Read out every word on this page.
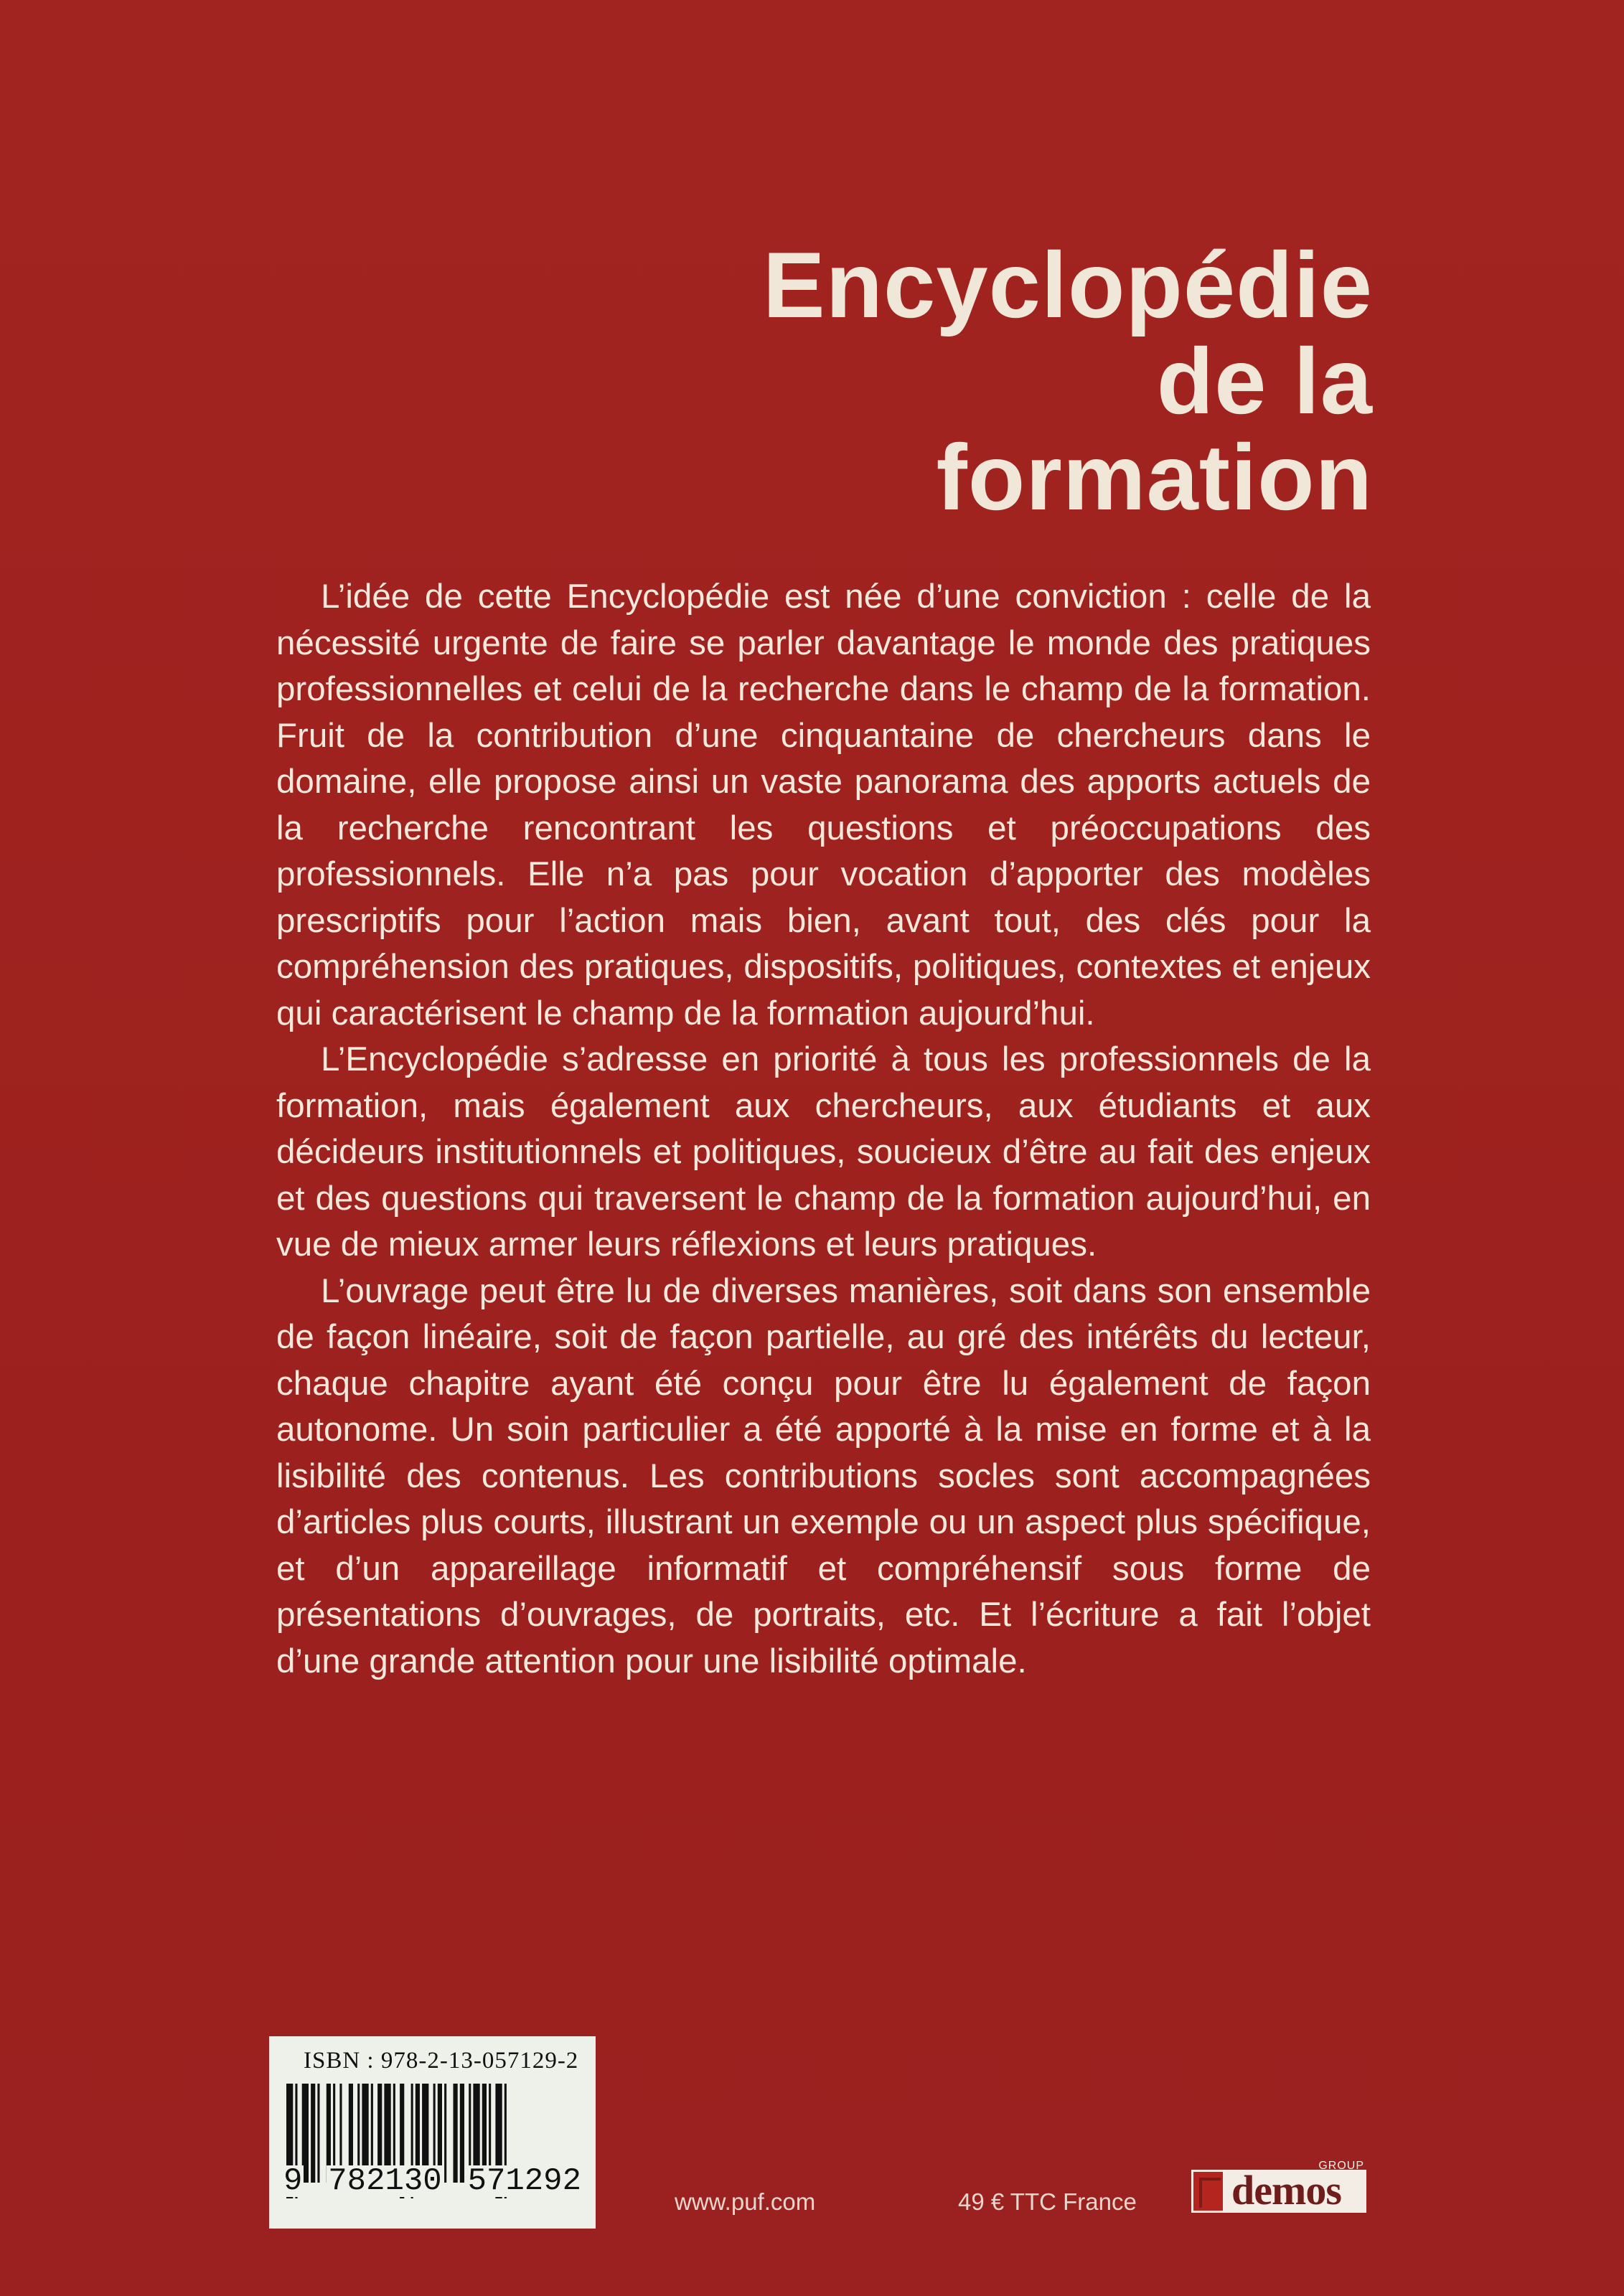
Encyclopédie
de la
formation

L’idée de cette Encyclopédie est née d’une conviction : celle de la nécessité urgente de faire se parler davantage le monde des pratiques professionnelles et celui de la recherche dans le champ de la formation. Fruit de la contribution d’une cinquantaine de chercheurs dans le domaine, elle propose ainsi un vaste panorama des apports actuels de la recherche rencontrant les questions et préoccupations des professionnels. Elle n’a pas pour vocation d’apporter des modèles prescriptifs pour l’action mais bien, avant tout, des clés pour la compréhension des pratiques, dispositifs, politiques, contextes et enjeux qui caractérisent le champ de la formation aujourd’hui.

L’Encyclopédie s’adresse en priorité à tous les professionnels de la formation, mais également aux chercheurs, aux étudiants et aux décideurs institutionnels et politiques, soucieux d’être au fait des enjeux et des questions qui traversent le champ de la formation aujourd’hui, en vue de mieux armer leurs réflexions et leurs pratiques.

L’ouvrage peut être lu de diverses manières, soit dans son ensemble de façon linéaire, soit de façon partielle, au gré des intérêts du lecteur, chaque chapitre ayant été conçu pour être lu également de façon autonome. Un soin particulier a été apporté à la mise en forme et à la lisibilité des contenus. Les contributions socles sont accompagnées d’articles plus courts, illustrant un exemple ou un aspect plus spécifique, et d’un appareillage informatif et compréhensif sous forme de présentations d’ouvrages, de portraits, etc. Et l’écriture a fait l’objet d’une grande attention pour une lisibilité optimale.

ISBN : 978-2-13-057129-2
9 782130 571292
www.puf.com	49 € TTC France
GROUP
demos
